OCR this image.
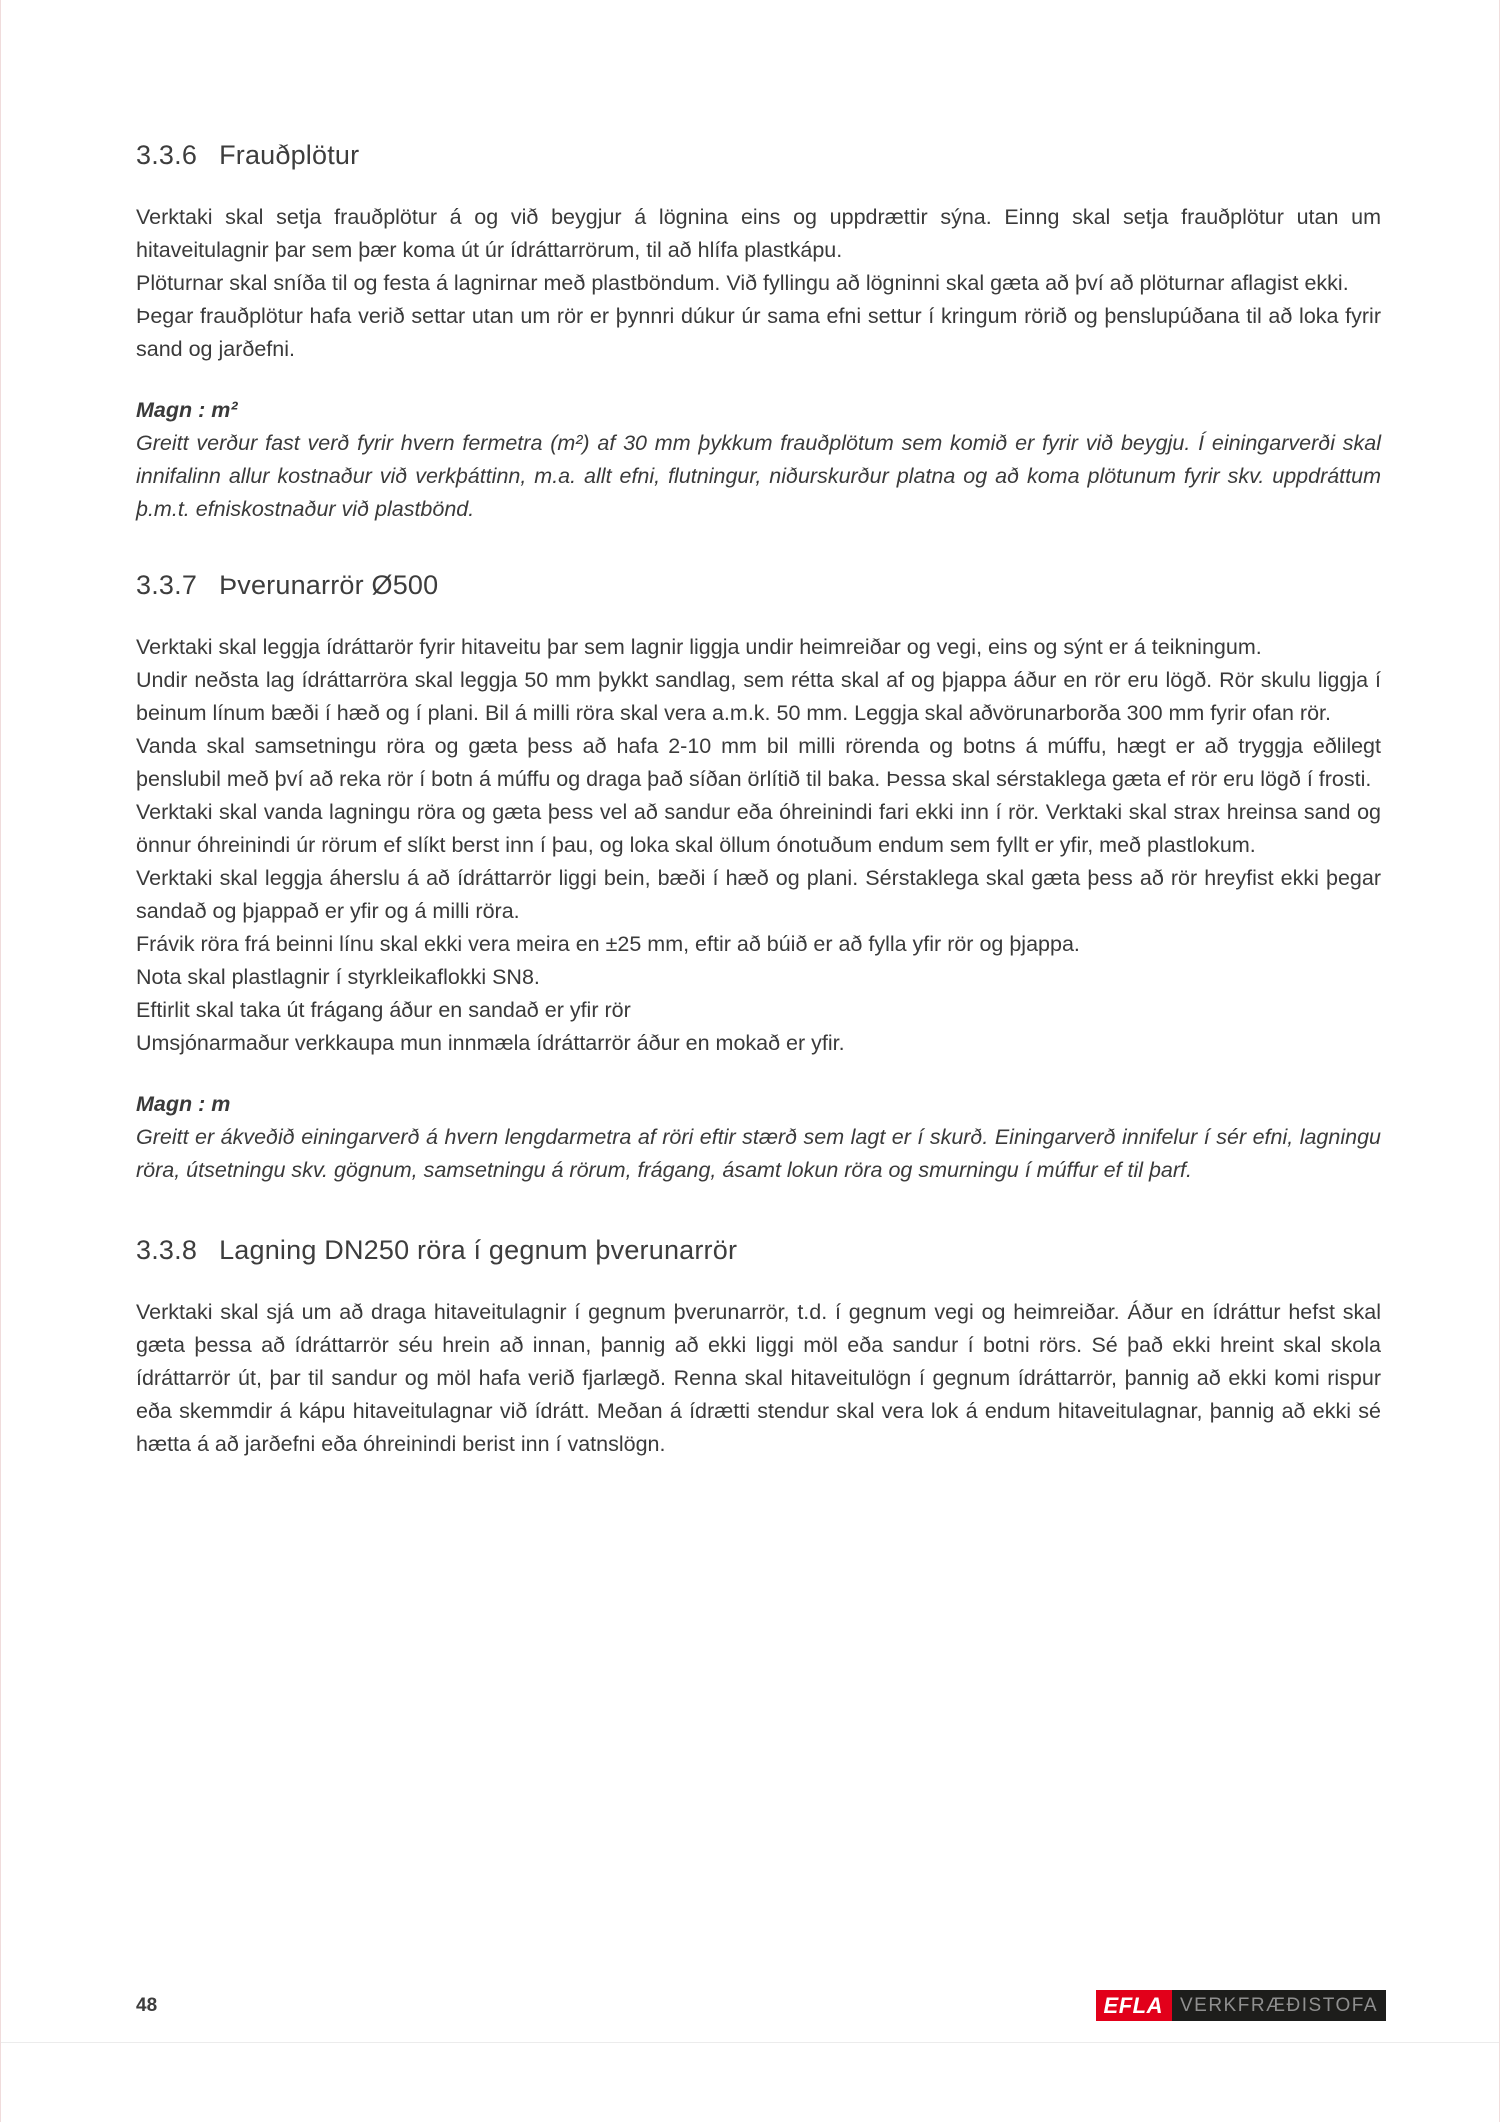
3.3.6 Frauðplötur

Verktaki skal setja frauðplötur á og við beygjur á lögnina eins og uppdrættir sýna. Einng skal setja frauðplötur utan um hitaveitulagnir þar sem þær koma út úr ídráttarrörum, til að hlífa plastkápu.

Plöturnar skal sníða til og festa á lagnirnar með plastböndum. Við fyllingu að lögninni skal gæta að því að plöturnar aflagist ekki.

Þegar frauðplötur hafa verið settar utan um rör er þynnri dúkur úr sama efni settur í kringum rörið og þenslupúðana til að loka fyrir sand og jarðefni.

Magn : m²

Greitt verður fast verð fyrir hvern fermetra (m²) af 30 mm þykkum frauðplötum sem komið er fyrir við beygju. Í einingarverði skal innifalinn allur kostnaður við verkþáttinn, m.a. allt efni, flutningur, niðurskurður platna og að koma plötunum fyrir skv. uppdráttum þ.m.t. efniskostnaður við plastbönd.

3.3.7 Þverunarrör Ø500

Verktaki skal leggja ídráttarör fyrir hitaveitu þar sem lagnir liggja undir heimreiðar og vegi, eins og sýnt er á teikningum.

Undir neðsta lag ídráttarröra skal leggja 50 mm þykkt sandlag, sem rétta skal af og þjappa áður en rör eru lögð. Rör skulu liggja í beinum línum bæði í hæð og í plani. Bil á milli röra skal vera a.m.k. 50 mm. Leggja skal aðvörunarborða 300 mm fyrir ofan rör.

Vanda skal samsetningu röra og gæta þess að hafa 2-10 mm bil milli rörenda og botns á múffu, hægt er að tryggja eðlilegt þenslubil með því að reka rör í botn á múffu og draga það síðan örlítið til baka. Þessa skal sérstaklega gæta ef rör eru lögð í frosti.

Verktaki skal vanda lagningu röra og gæta þess vel að sandur eða óhreinindi fari ekki inn í rör. Verktaki skal strax hreinsa sand og önnur óhreinindi úr rörum ef slíkt berst inn í þau, og loka skal öllum ónotuðum endum sem fyllt er yfir, með plastlokum.

Verktaki skal leggja áherslu á að ídráttarrör liggi bein, bæði í hæð og plani. Sérstaklega skal gæta þess að rör hreyfist ekki þegar sandað og þjappað er yfir og á milli röra.

Frávik röra frá beinni línu skal ekki vera meira en ±25 mm, eftir að búið er að fylla yfir rör og þjappa.

Nota skal plastlagnir í styrkleikaflokki SN8.

Eftirlit skal taka út frágang áður en sandað er yfir rör

Umsjónarmaður verkkaupa mun innmæla ídráttarrör áður en mokað er yfir.

Magn : m

Greitt er ákveðið einingarverð á hvern lengdarmetra af röri eftir stærð sem lagt er í skurð. Einingarverð innifelur í sér efni, lagningu röra, útsetningu skv. gögnum, samsetningu á rörum, frágang, ásamt lokun röra og smurningu í múffur ef til þarf.

3.3.8 Lagning DN250 röra í gegnum þverunarrör

Verktaki skal sjá um að draga hitaveitulagnir í gegnum þverunarrör, t.d. í gegnum vegi og heimreiðar. Áður en ídráttur hefst skal gæta þessa að ídráttarrör séu hrein að innan, þannig að ekki liggi möl eða sandur í botni rörs. Sé það ekki hreint skal skola ídráttarrör út, þar til sandur og möl hafa verið fjarlægð. Renna skal hitaveitulögn í gegnum ídráttarrör, þannig að ekki komi rispur eða skemmdir á kápu hitaveitulagnar við ídrátt. Meðan á ídrætti stendur skal vera lok á endum hitaveitulagnar, þannig að ekki sé hætta á að jarðefni eða óhreinindi berist inn í vatnslögn.

48	EFLA VERKFRÆÐISTOFA
